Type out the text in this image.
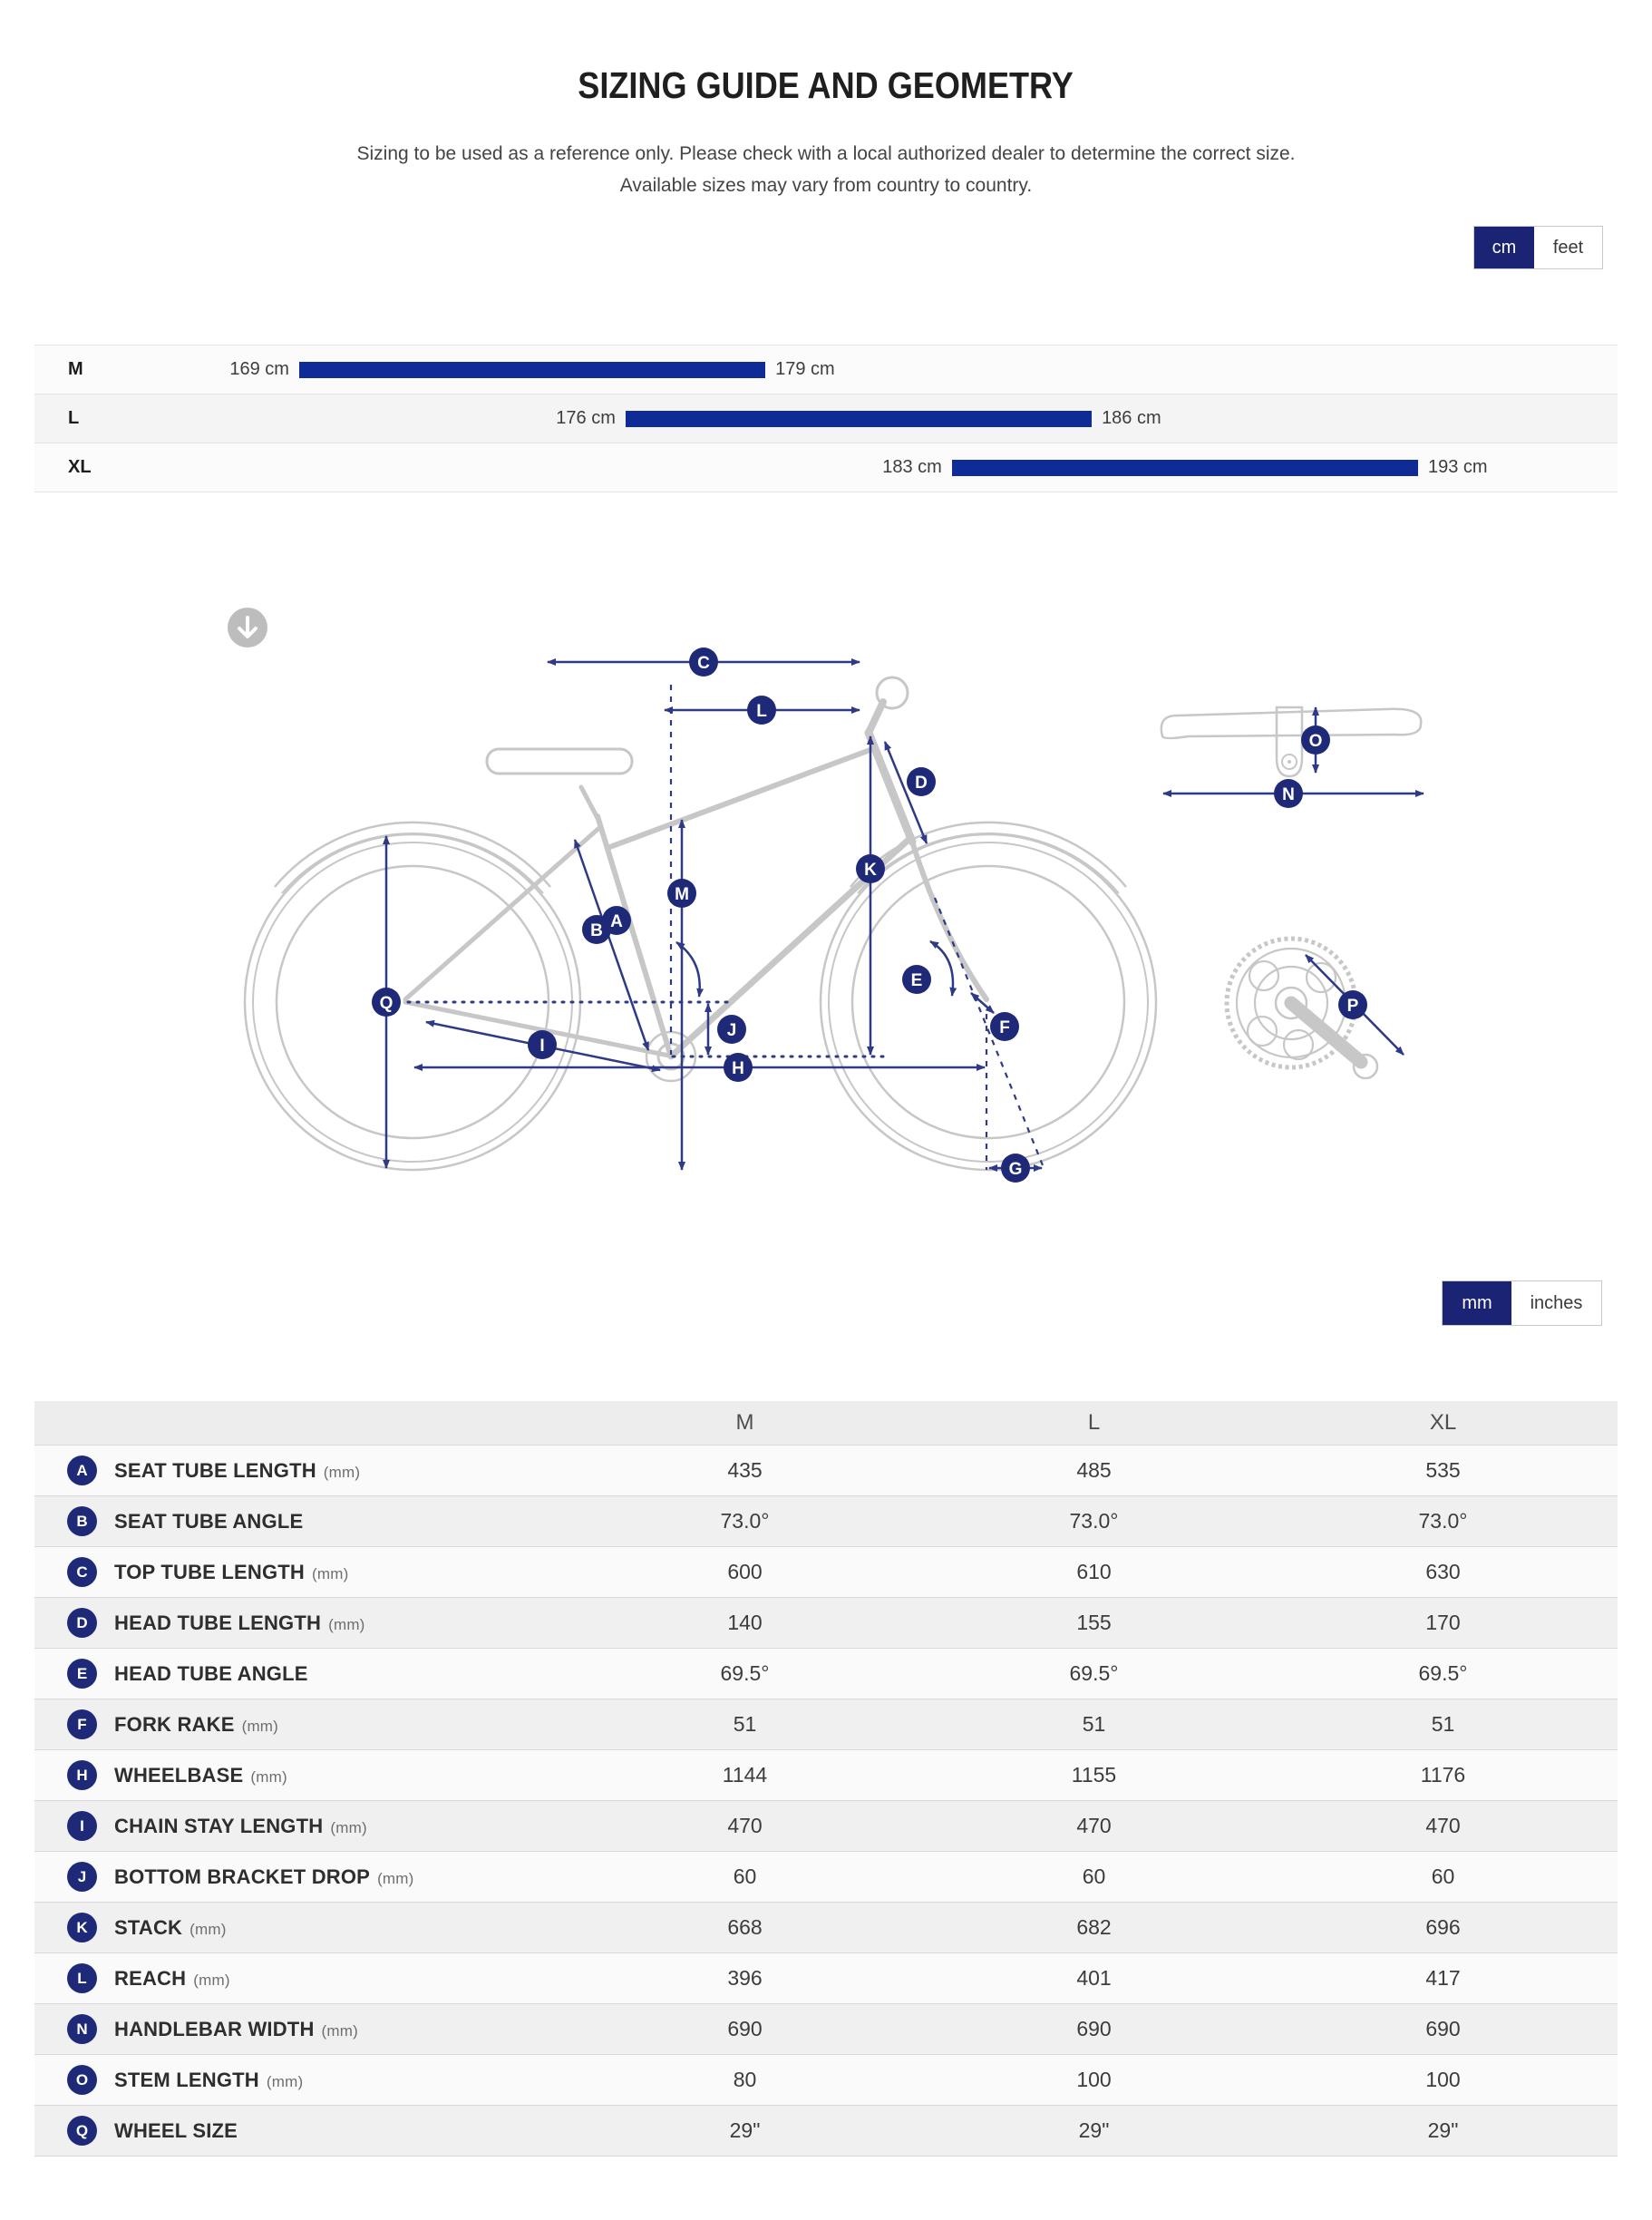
SIZING GUIDE AND GEOMETRY
Sizing to be used as a reference only. Please check with a local authorized dealer to determine the correct size.
Available sizes may vary from country to country.
cm	feet
M	169 cm	179 cm
L	176 cm	186 cm
XL	183 cm	193 cm
C
L
D
M
A
B
K
E
F
Q
J
I
H
G
O
N
P
mm	inches
M	L	XL
A	SEAT TUBE LENGTH (mm)	435	485	535
B	SEAT TUBE ANGLE	73.0°	73.0°	73.0°
C	TOP TUBE LENGTH (mm)	600	610	630
D	HEAD TUBE LENGTH (mm)	140	155	170
E	HEAD TUBE ANGLE	69.5°	69.5°	69.5°
F	FORK RAKE (mm)	51	51	51
H	WHEELBASE (mm)	1144	1155	1176
I	CHAIN STAY LENGTH (mm)	470	470	470
J	BOTTOM BRACKET DROP (mm)	60	60	60
K	STACK (mm)	668	682	696
L	REACH (mm)	396	401	417
N	HANDLEBAR WIDTH (mm)	690	690	690
O	STEM LENGTH (mm)	80	100	100
Q	WHEEL SIZE	29"	29"	29"
